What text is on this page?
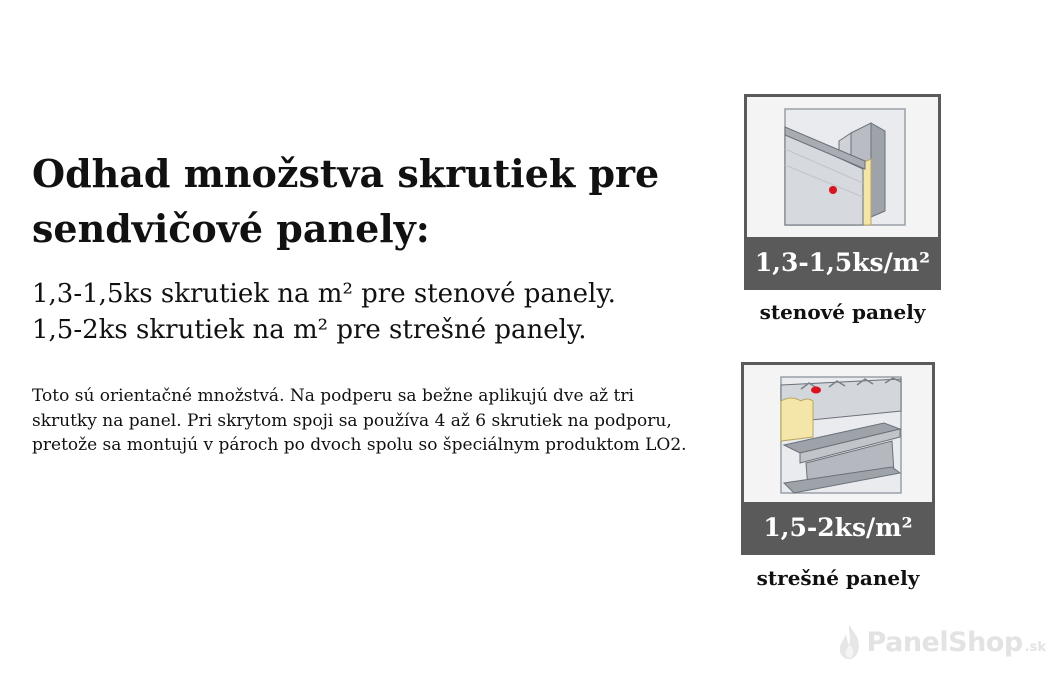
Odhad množstva skrutiek pre
sendvičové panely:

1,3-1,5ks skrutiek na m² pre stenové panely.
1,5-2ks skrutiek na m² pre strešné panely.

Toto sú orientačné množstvá. Na podperu sa bežne aplikujú dve až tri skrutky na panel. Pri skrytom spoji sa používa 4 až 6 skrutiek na podporu, pretože sa montujú v pároch po dvoch spolu so špeciálnym produktom LO2.

1,3-1,5ks/m²
stenové panely
1,5-2ks/m²
strešné panely
PanelShop .sk
